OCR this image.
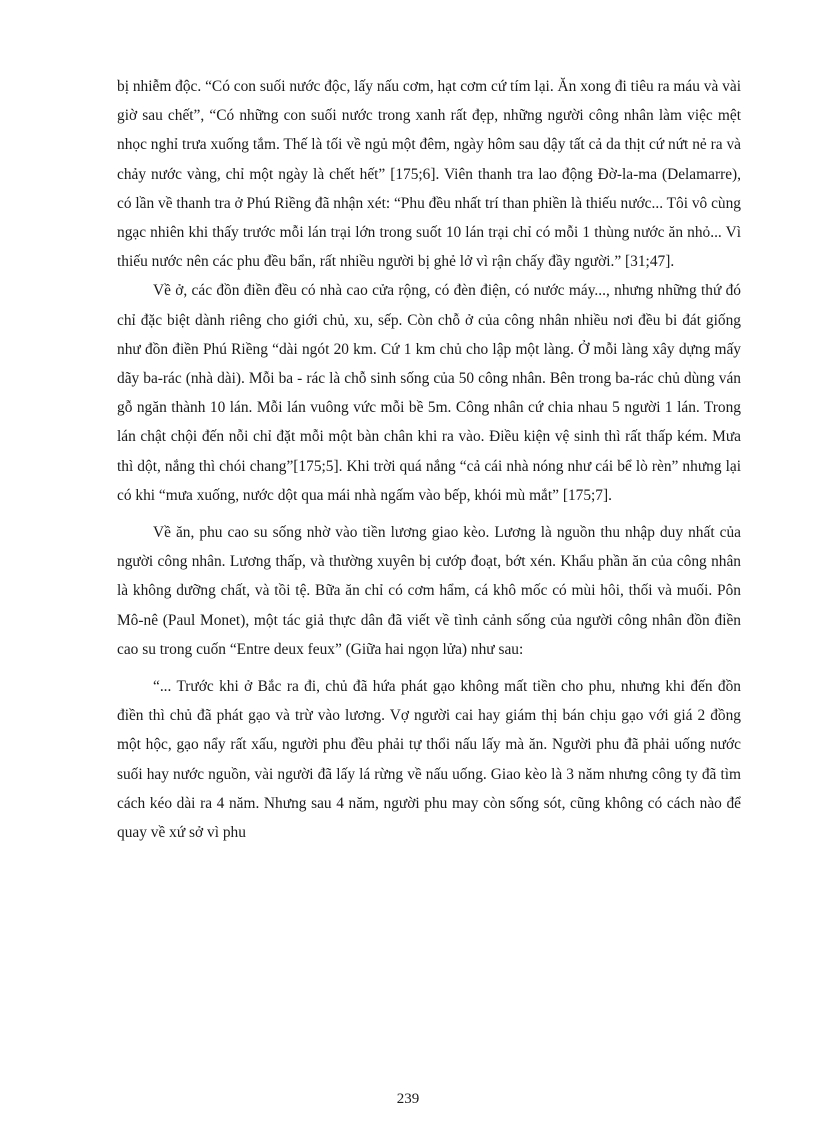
bị nhiễm độc. “Có con suối nước độc, lấy nấu cơm, hạt cơm cứ tím lại. Ăn xong đi tiêu ra máu và vài giờ sau chết”, “Có những con suối nước trong xanh rất đẹp, những người công nhân làm việc mệt nhọc nghỉ trưa xuống tắm. Thế là tối về ngủ một đêm, ngày hôm sau dậy tất cả da thịt cứ nứt nẻ ra và chảy nước vàng, chỉ một ngày là chết hết” [175;6]. Viên thanh tra lao động Đờ-la-ma (Delamarre), có lần về thanh tra ở Phú Riềng đã nhận xét: “Phu đều nhất trí than phiền là thiếu nước... Tôi vô cùng ngạc nhiên khi thấy trước mỗi lán trại lớn trong suốt 10 lán trại chỉ có mỗi 1 thùng nước ăn nhỏ... Vì thiếu nước nên các phu đều bẩn, rất nhiều người bị ghẻ lở vì rận chấy đầy người.” [31;47].

Về ở, các đồn điền đều có nhà cao cửa rộng, có đèn điện, có nước máy..., nhưng những thứ đó chỉ đặc biệt dành riêng cho giới chủ, xu, sếp. Còn chỗ ở của công nhân nhiều nơi đều bi đát giống như đồn điền Phú Riềng “dài ngót 20 km. Cứ 1 km chủ cho lập một làng. Ở mỗi làng xây dựng mấy dãy ba-rác (nhà dài). Mỗi ba - rác là chỗ sinh sống của 50 công nhân. Bên trong ba-rác chủ dùng ván gỗ ngăn thành 10 lán. Mỗi lán vuông vức mỗi bề 5m. Công nhân cứ chia nhau 5 người 1 lán. Trong lán chật chội đến nỗi chỉ đặt mỗi một bàn chân khi ra vào. Điều kiện vệ sinh thì rất thấp kém. Mưa thì dột, nắng thì chói chang”[175;5]. Khi trời quá nắng “cả cái nhà nóng như cái bể lò rèn” nhưng lại có khi “mưa xuống, nước dột qua mái nhà ngấm vào bếp, khói mù mắt” [175;7].

Về ăn, phu cao su sống nhờ vào tiền lương giao kèo. Lương là nguồn thu nhập duy nhất của người công nhân. Lương thấp, và thường xuyên bị cướp đoạt, bớt xén. Khẩu phần ăn của công nhân là không dưỡng chất, và tồi tệ. Bữa ăn chỉ có cơm hẩm, cá khô mốc có mùi hôi, thối và muối. Pôn Mô-nê (Paul Monet), một tác giả thực dân đã viết về tình cảnh sống của người công nhân đồn điền cao su trong cuốn “Entre deux feux” (Giữa hai ngọn lửa) như sau:

“... Trước khi ở Bắc ra đi, chủ đã hứa phát gạo không mất tiền cho phu, nhưng khi đến đồn điền thì chủ đã phát gạo và trừ vào lương. Vợ người cai hay giám thị bán chịu gạo với giá 2 đồng một hộc, gạo nẩy rất xấu, người phu đều phải tự thổi nấu lấy mà ăn. Người phu đã phải uống nước suối hay nước nguồn, vài người đã lấy lá rừng về nấu uống. Giao kèo là 3 năm nhưng công ty đã tìm cách kéo dài ra 4 năm. Nhưng sau 4 năm, người phu may còn sống sót, cũng không có cách nào để quay về xứ sở vì phu

239
